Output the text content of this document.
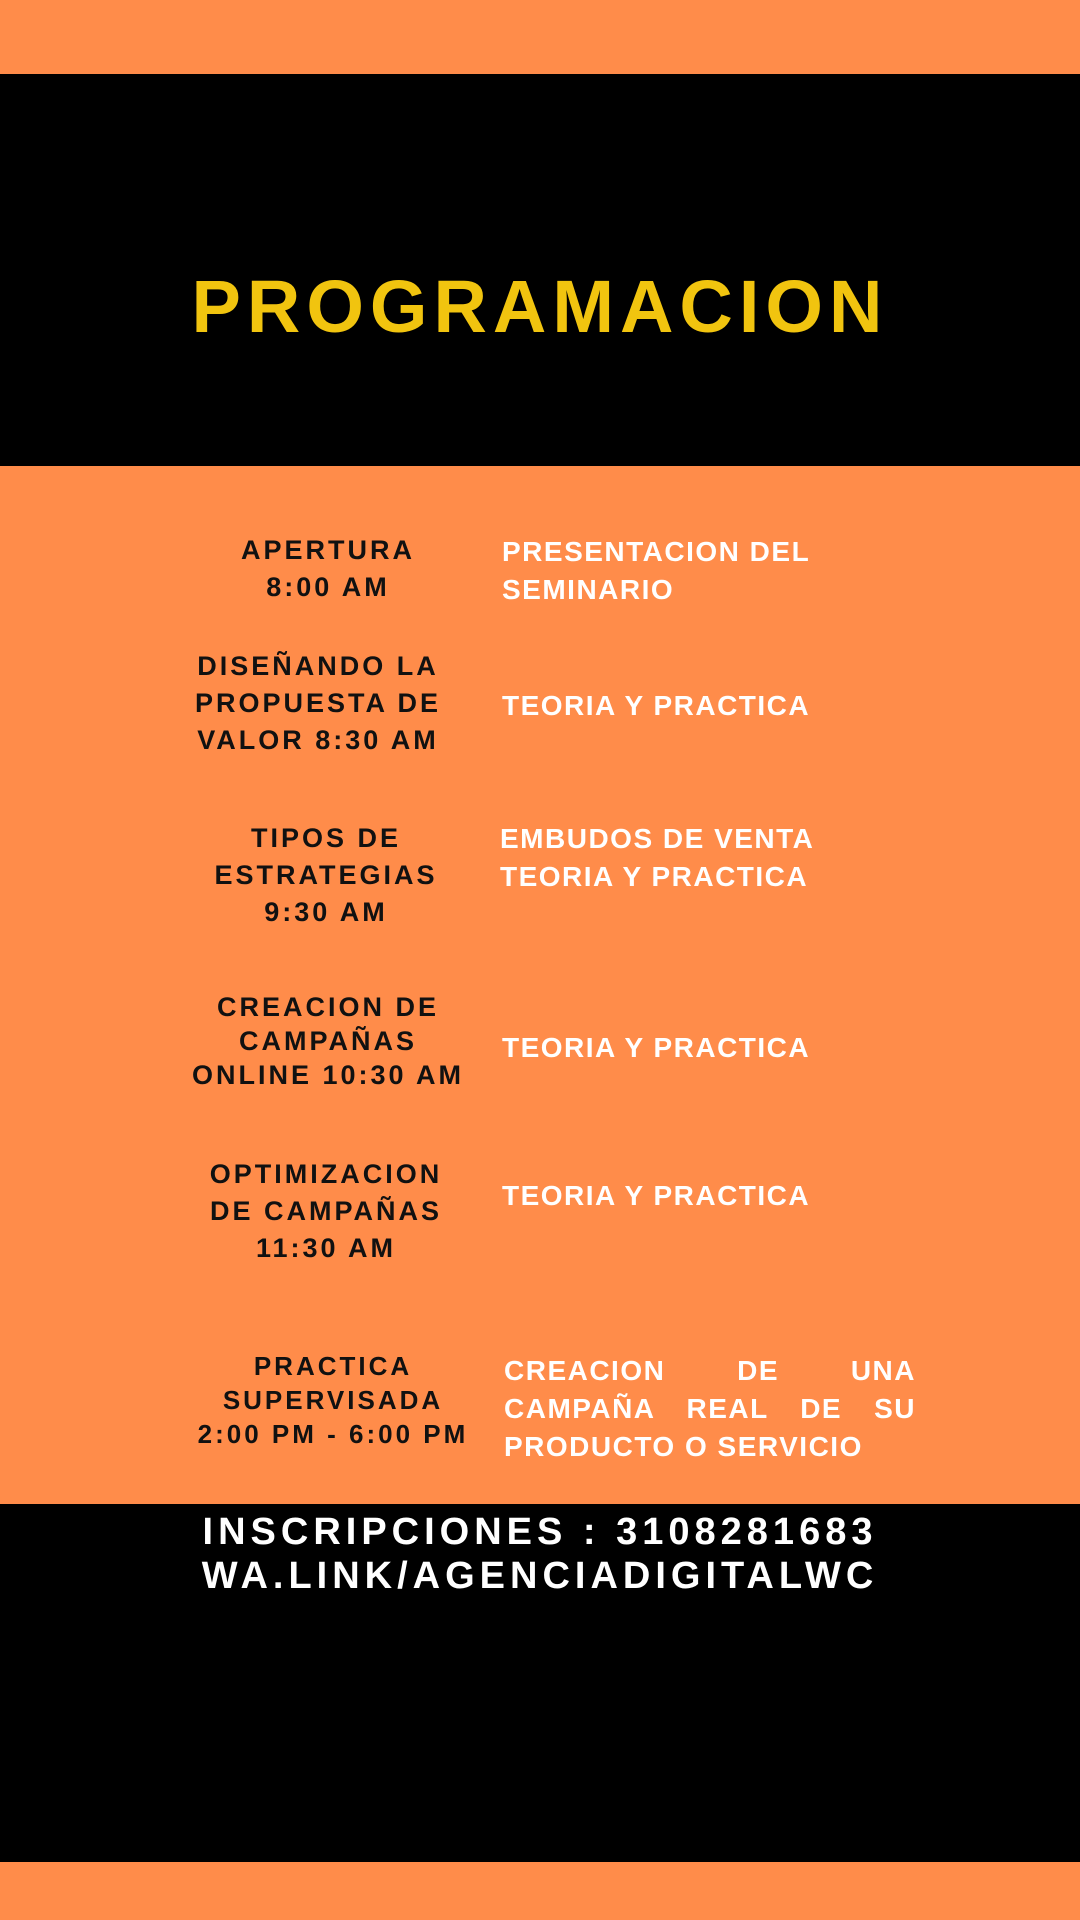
PROGRAMACION
APERTURA
8:00 AM
PRESENTACION DEL
SEMINARIO
DISEÑANDO LA
PROPUESTA DE
VALOR 8:30 AM
TEORIA Y PRACTICA
TIPOS DE
ESTRATEGIAS
9:30 AM
EMBUDOS DE VENTA
TEORIA Y PRACTICA
CREACION DE
CAMPAÑAS
ONLINE 10:30 AM
TEORIA Y PRACTICA
OPTIMIZACION
DE CAMPAÑAS
11:30 AM
TEORIA Y PRACTICA
PRACTICA
SUPERVISADA
2:00 PM - 6:00 PM
CREACION DE UNA CAMPAÑA REAL DE SU PRODUCTO O SERVICIO
INSCRIPCIONES : 3108281683
WA.LINK/AGENCIADIGITALWC
